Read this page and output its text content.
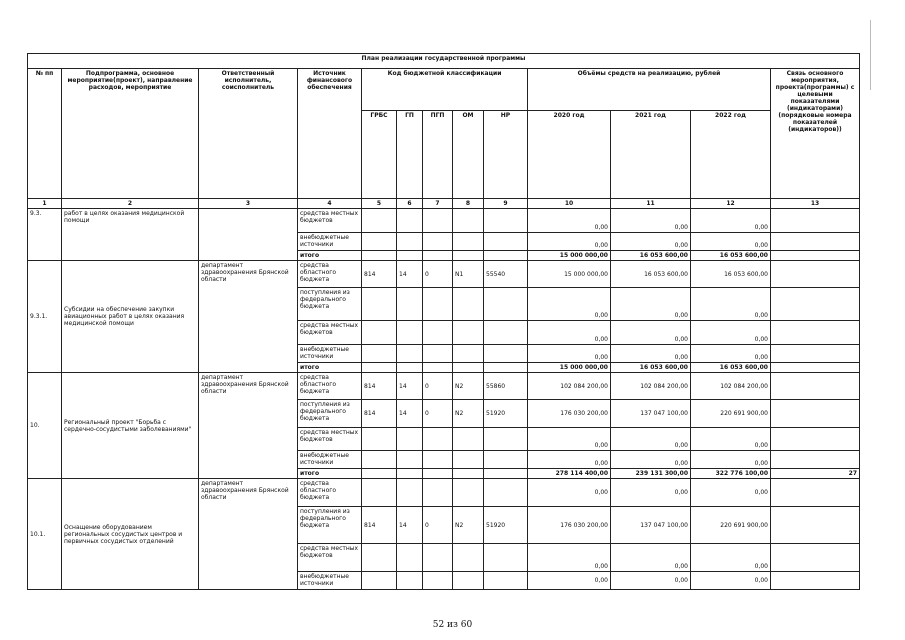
План реализации государственной программы												
№ пп	Подпрограмма, основное мероприятие(проект), направление расходов, мероприятие	Ответственный исполнитель, соисполнитель	Источник финансового обеспечения	Код бюджетной классификации					Объёмы средств на реализацию, рублей			Связь основного мероприятия, проекта(программы) с целевыми показателями (индикаторами) (порядковые номера показателей (индикаторов))
				ГРБС	ГП	ПГП	ОМ	НР	2020 год	2021 год	2022 год	
1	2	3	4	5	6	7	8	9	10	11	12	13
9.3.	работ в целях оказания медицинской помощи		средства местных бюджетов						0,00	0,00	0,00	
			внебюджетные источники						0,00	0,00	0,00	
			итого						15 000 000,00	16 053 600,00	16 053 600,00	
9.3.1.	Субсидии на обеспечение закупки авиационных работ в целях оказания медицинской помощи	департамент здравоохранения Брянской области	средства областного бюджета	814	14	0	N1	55540	15 000 000,00	16 053 600,00	16 053 600,00	
			поступления из федерального бюджета						0,00	0,00	0,00	
			средства местных бюджетов						0,00	0,00	0,00	
			внебюджетные источники						0,00	0,00	0,00	
			итого						15 000 000,00	16 053 600,00	16 053 600,00	
10.	Региональный проект "Борьба с сердечно-сосудистыми заболеваниями"	департамент здравоохранения Брянской области	средства областного бюджета	814	14	0	N2	55860	102 084 200,00	102 084 200,00	102 084 200,00	
			поступления из федерального бюджета	814	14	0	N2	51920	176 030 200,00	137 047 100,00	220 691 900,00	
			средства местных бюджетов						0,00	0,00	0,00	
			внебюджетные источники						0,00	0,00	0,00	
			итого						278 114 400,00	239 131 300,00	322 776 100,00	27
10.1.	Оснащение оборудованием региональных сосудистых центров и первичных сосудистых отделений	департамент здравоохранения Брянской области	средства областного бюджета						0,00	0,00	0,00	
			поступления из федерального бюджета	814	14	0	N2	51920	176 030 200,00	137 047 100,00	220 691 900,00	
			средства местных бюджетов						0,00	0,00	0,00	
			внебюджетные источники						0,00	0,00	0,00	
52 из 60
